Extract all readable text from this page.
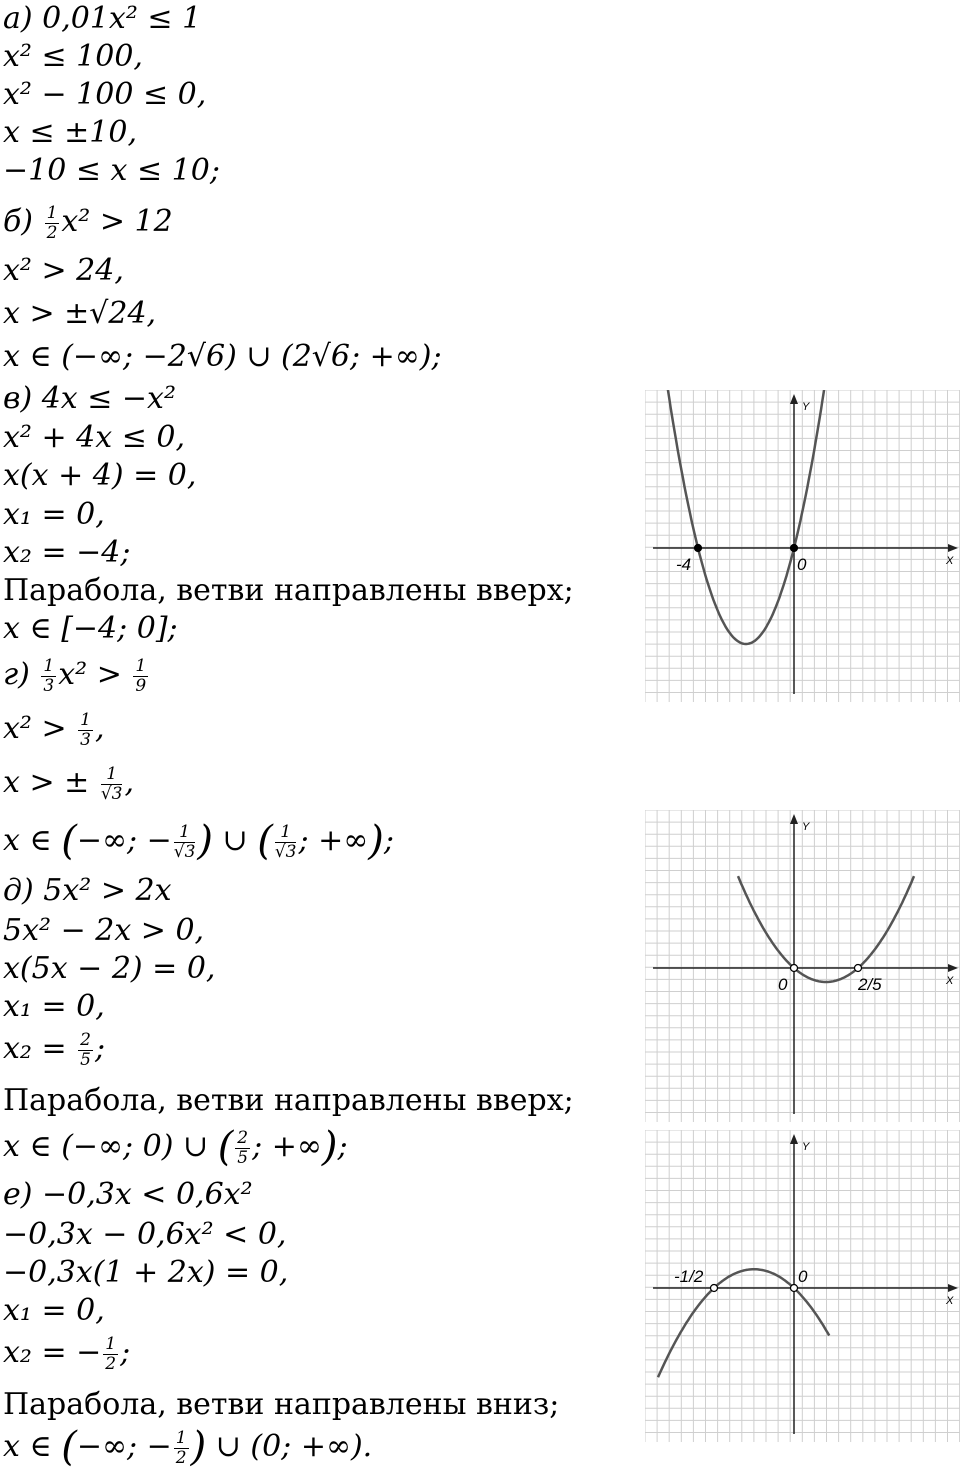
а) 0,01x² ≤ 1
x² ≤ 100,
x² − 100 ≤ 0,
x ≤ ±10,
−10 ≤ x ≤ 10;
$б) \frac{1}{2} x^2 > 12$
x² > 24,
x > ±√24,
x ∈ (−∞; −2√6) ∪ (2√6; +∞);
в) 4x ≤ −x²
x² + 4x ≤ 0,
x(x + 4) = 0,
x₁ = 0,
x₂ = −4;
Парабола, ветви направлены вверх;
x ∈ [−4; 0];
$г) \frac{1}{3} x^2 > \frac{1}{9}$
$x^2 > \frac{1}{3}$ ,
x > ± $\frac{1}{√3}$ ,
x ∈ (−∞; − $\frac{1}{√3}$ ) ∪ ( $\frac{1}{√3}$ ; +∞);
д) 5x² > 2x
5x² − 2x > 0,
x(5x − 2) = 0,
x₁ = 0,
$x_2 = \frac{2}{5}$ ;
Парабола, ветви направлены вверх;
x ∈ (−∞; 0) ∪ ( $\frac{2}{5}$ ; +∞);
е) −0,3x < 0,6x²
−0,3x − 0,6x² < 0,
−0,3x(1 + 2x) = 0,
x₁ = 0,
x₂ = − $\frac{1}{2}$ ;
Парабола, ветви направлены вниз;
x ∈ (−∞; − $\frac{1}{2}$ ) ∪ (0; +∞).
X
Y
-4	0
X
Y
0	2/5
X
Y
-1/2	0
